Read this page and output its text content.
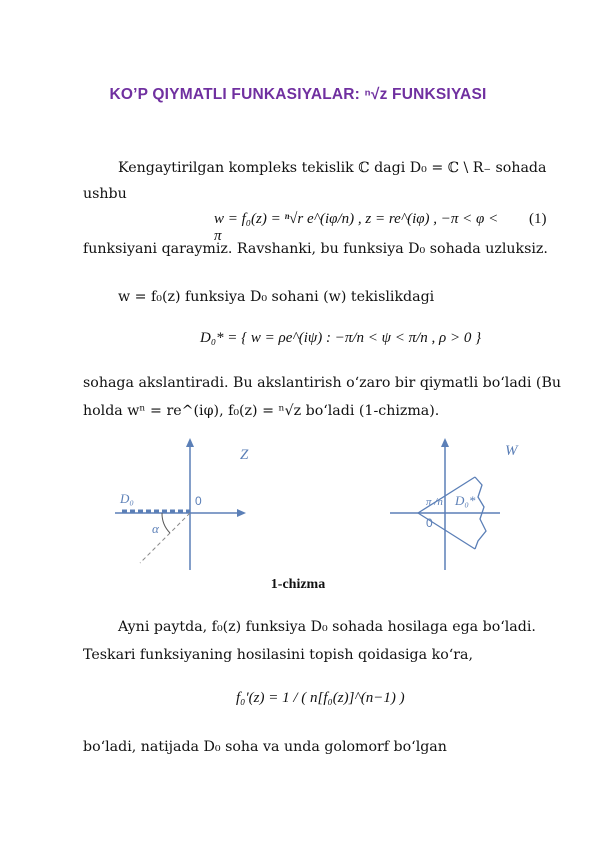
KO’P QIYMATLI FUNKASIYALAR: ⁿ√z FUNKSIYASI
Kengaytirilgan kompleks tekislik ℂ dagi D₀ = ℂ \ R₋ sohada
ushbu
w = f₀(z) = ⁿ√r e^(iφ/n) , z = re^(iφ) , −π < φ < π
(1)
funksiyani qaraymiz. Ravshanki, bu funksiya D₀ sohada uzluksiz.
w = f₀(z) funksiya D₀ sohani (w) tekislikdagi
D₀* = { w = ρe^(iψ) : −π/n < ψ < π/n , ρ > 0 }
sohaga akslantiradi. Bu akslantirish o‘zaro bir qiymatli bo‘ladi (Bu
holda wⁿ = re^(iφ), f₀(z) = ⁿ√z bo‘ladi (1-chizma).
Z
D₀	0
α
W
D₀*
0
π /n
1-chizma
Ayni paytda, f₀(z) funksiya D₀ sohada hosilaga ega bo‘ladi.
Teskari funksiyaning hosilasini topish qoidasiga ko‘ra,
f₀′(z) = 1 / ( n[f₀(z)]^(n−1) )
bo‘ladi, natijada D₀ soha va unda golomorf bo‘lgan
